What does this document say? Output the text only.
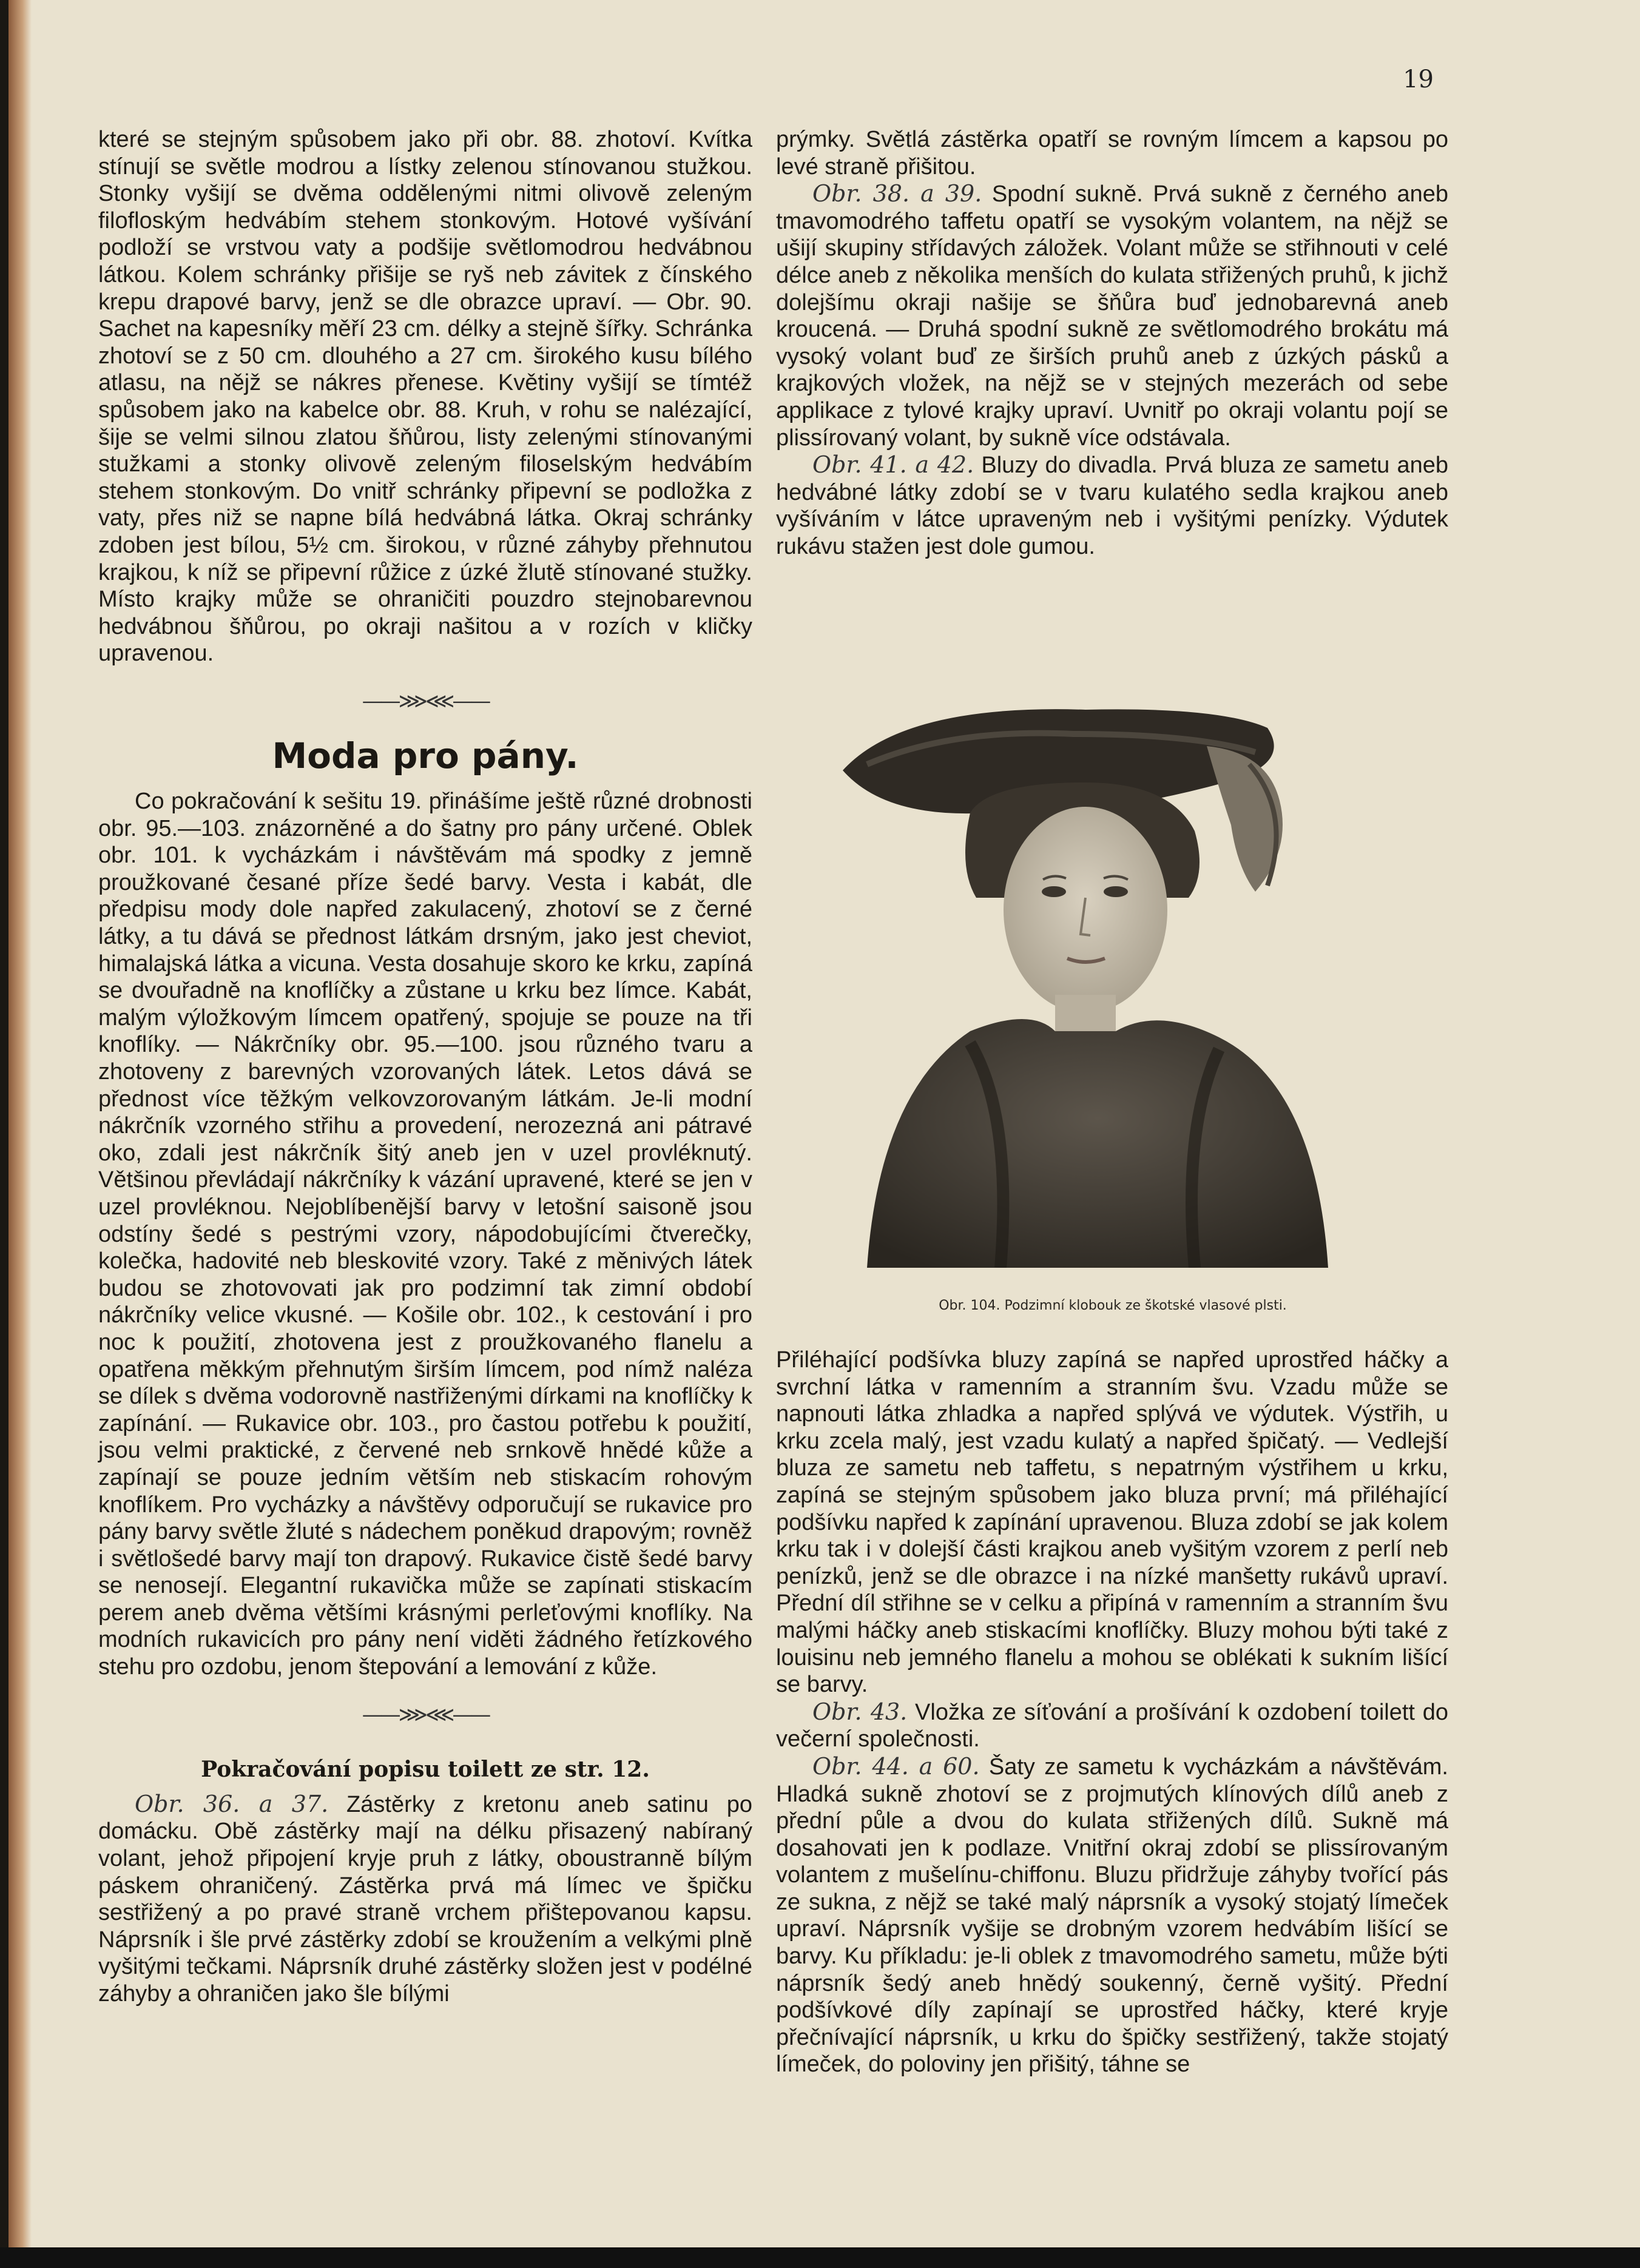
19

které se stejným spůsobem jako při obr. 88. zhotoví. Kvítka stínují se světle modrou a lístky zelenou stínovanou stužkou. Stonky vyšijí se dvěma oddělenými nitmi olivově zeleným filofloským hedvábím stehem stonkovým. Hotové vyšívání podloží se vrstvou vaty a podšije světlomodrou hedvábnou látkou. Kolem schránky přišije se ryš neb závitek z čínského krepu drapové barvy, jenž se dle obrazce upraví. — Obr. 90. Sachet na kapesníky měří 23 cm. délky a stejně šířky. Schránka zhotoví se z 50 cm. dlouhého a 27 cm. širokého kusu bílého atlasu, na nějž se nákres přenese. Květiny vyšijí se tímtéž spůsobem jako na kabelce obr. 88. Kruh, v rohu se nalézající, šije se velmi silnou zlatou šňůrou, listy zelenými stínovanými stužkami a stonky olivově zeleným filoselským hedvábím stehem stonkovým. Do vnitř schránky připevní se podložka z vaty, přes niž se napne bílá hedvábná látka. Okraj schránky zdoben jest bílou, 5½ cm. širokou, v různé záhyby přehnutou krajkou, k níž se připevní růžice z úzké žlutě stínované stužky. Místo krajky může se ohraničiti pouzdro stejnobarevnou hedvábnou šňůrou, po okraji našitou a v rozích v kličky upravenou.

——⋙⋘——
Moda pro pány.

Co pokračování k sešitu 19. přinášíme ještě různé drobnosti obr. 95.—103. znázorněné a do šatny pro pány určené. Oblek obr. 101. k vycházkám i návštěvám má spodky z jemně proužkované česané příze šedé barvy. Vesta i kabát, dle předpisu mody dole napřed zakulacený, zhotoví se z černé látky, a tu dává se přednost látkám drsným, jako jest cheviot, himalajská látka a vicuna. Vesta dosahuje skoro ke krku, zapíná se dvouřadně na knoflíčky a zůstane u krku bez límce. Kabát, malým výložkovým límcem opatřený, spojuje se pouze na tři knoflíky. — Nákrčníky obr. 95.—100. jsou různého tvaru a zhotoveny z barevných vzorovaných látek. Letos dává se přednost více těžkým velkovzorovaným látkám. Je-li modní nákrčník vzorného střihu a provedení, nerozezná ani pátravé oko, zdali jest nákrčník šitý aneb jen v uzel provléknutý. Většinou převládají nákrčníky k vázání upravené, které se jen v uzel provléknou. Nejoblíbenější barvy v letošní saisoně jsou odstíny šedé s pestrými vzory, nápodobujícími čtverečky, kolečka, hadovité neb bleskovité vzory. Také z měnivých látek budou se zhotovovati jak pro podzimní tak zimní období nákrčníky velice vkusné. — Košile obr. 102., k cestování i pro noc k použití, zhotovena jest z proužkovaného flanelu a opatřena měkkým přehnutým širším límcem, pod nímž naléza se dílek s dvěma vodorovně nastřiženými dírkami na knoflíčky k zapínání. — Rukavice obr. 103., pro častou potřebu k použití, jsou velmi praktické, z červené neb srnkově hnědé kůže a zapínají se pouze jedním větším neb stiskacím rohovým knoflíkem. Pro vycházky a návštěvy odporučují se rukavice pro pány barvy světle žluté s nádechem poněkud drapovým; rovněž i světlošedé barvy mají ton drapový. Rukavice čistě šedé barvy se nenosejí. Elegantní rukavička může se zapínati stiskacím perem aneb dvěma většími krásnými perleťovými knoflíky. Na modních rukavicích pro pány není viděti žádného řetízkového stehu pro ozdobu, jenom štepování a lemování z kůže.

——⋙⋘——
Pokračování popisu toilett ze str. 12.

Obr. 36. a 37. Zástěrky z kretonu aneb satinu po domácku. Obě zástěrky mají na délku přisazený nabíraný volant, jehož připojení kryje pruh z látky, oboustranně bílým páskem ohraničený. Zástěrka prvá má límec ve špičku sestřižený a po pravé straně vrchem přištepovanou kapsu. Náprsník i šle prvé zástěrky zdobí se kroužením a velkými plně vyšitými tečkami. Náprsník druhé zástěrky složen jest v podélné záhyby a ohraničen jako šle bílými

prýmky. Světlá zástěrka opatří se rovným límcem a kapsou po levé straně přišitou.

Obr. 38. a 39. Spodní sukně. Prvá sukně z černého aneb tmavomodrého taffetu opatří se vysokým volantem, na nějž se ušijí skupiny střídavých záložek. Volant může se střihnouti v celé délce aneb z několika menších do kulata střižených pruhů, k jichž dolejšímu okraji našije se šňůra buď jednobarevná aneb kroucená. — Druhá spodní sukně ze světlomodrého brokátu má vysoký volant buď ze širších pruhů aneb z úzkých pásků a krajkových vložek, na nějž se v stejných mezerách od sebe applikace z tylové krajky upraví. Uvnitř po okraji volantu pojí se plissírovaný volant, by sukně více odstávala.

Obr. 41. a 42. Bluzy do divadla. Prvá bluza ze sametu aneb hedvábné látky zdobí se v tvaru kulatého sedla krajkou aneb vyšíváním v látce upraveným neb i vyšitými penízky. Výdutek rukávu stažen jest dole gumou.

Obr. 104. Podzimní klobouk ze škotské vlasové plsti.

Přiléhající podšívka bluzy zapíná se napřed uprostřed háčky a svrchní látka v ramenním a stranním švu. Vzadu může se napnouti látka zhladka a napřed splývá ve výdutek. Výstřih, u krku zcela malý, jest vzadu kulatý a napřed špičatý. — Vedlejší bluza ze sametu neb taffetu, s nepatrným výstřihem u krku, zapíná se stejným spůsobem jako bluza první; má přiléhající podšívku napřed k zapínání upravenou. Bluza zdobí se jak kolem krku tak i v dolejší části krajkou aneb vyšitým vzorem z perlí neb penízků, jenž se dle obrazce i na nízké manšetty rukávů upraví. Přední díl střihne se v celku a připíná v ramenním a stranním švu malými háčky aneb stiskacími knoflíčky. Bluzy mohou býti také z louisinu neb jemného flanelu a mohou se oblékati k sukním lišící se barvy.

Obr. 43. Vložka ze síťování a prošívání k ozdobení toilett do večerní společnosti.

Obr. 44. a 60. Šaty ze sametu k vycházkám a návštěvám. Hladká sukně zhotoví se z projmutých klínových dílů aneb z přední půle a dvou do kulata střižených dílů. Sukně má dosahovati jen k podlaze. Vnitřní okraj zdobí se plissírovaným volantem z mušelínu-chiffonu. Bluzu přidržuje záhyby tvořící pás ze sukna, z nějž se také malý náprsník a vysoký stojatý límeček upraví. Náprsník vyšije se drobným vzorem hedvábím lišící se barvy. Ku příkladu: je-li oblek z tmavomodrého sametu, může býti náprsník šedý aneb hnědý soukenný, černě vyšitý. Přední podšívkové díly zapínají se uprostřed háčky, které kryje přečnívající náprsník, u krku do špičky sestřižený, takže stojatý límeček, do poloviny jen přišitý, táhne se
